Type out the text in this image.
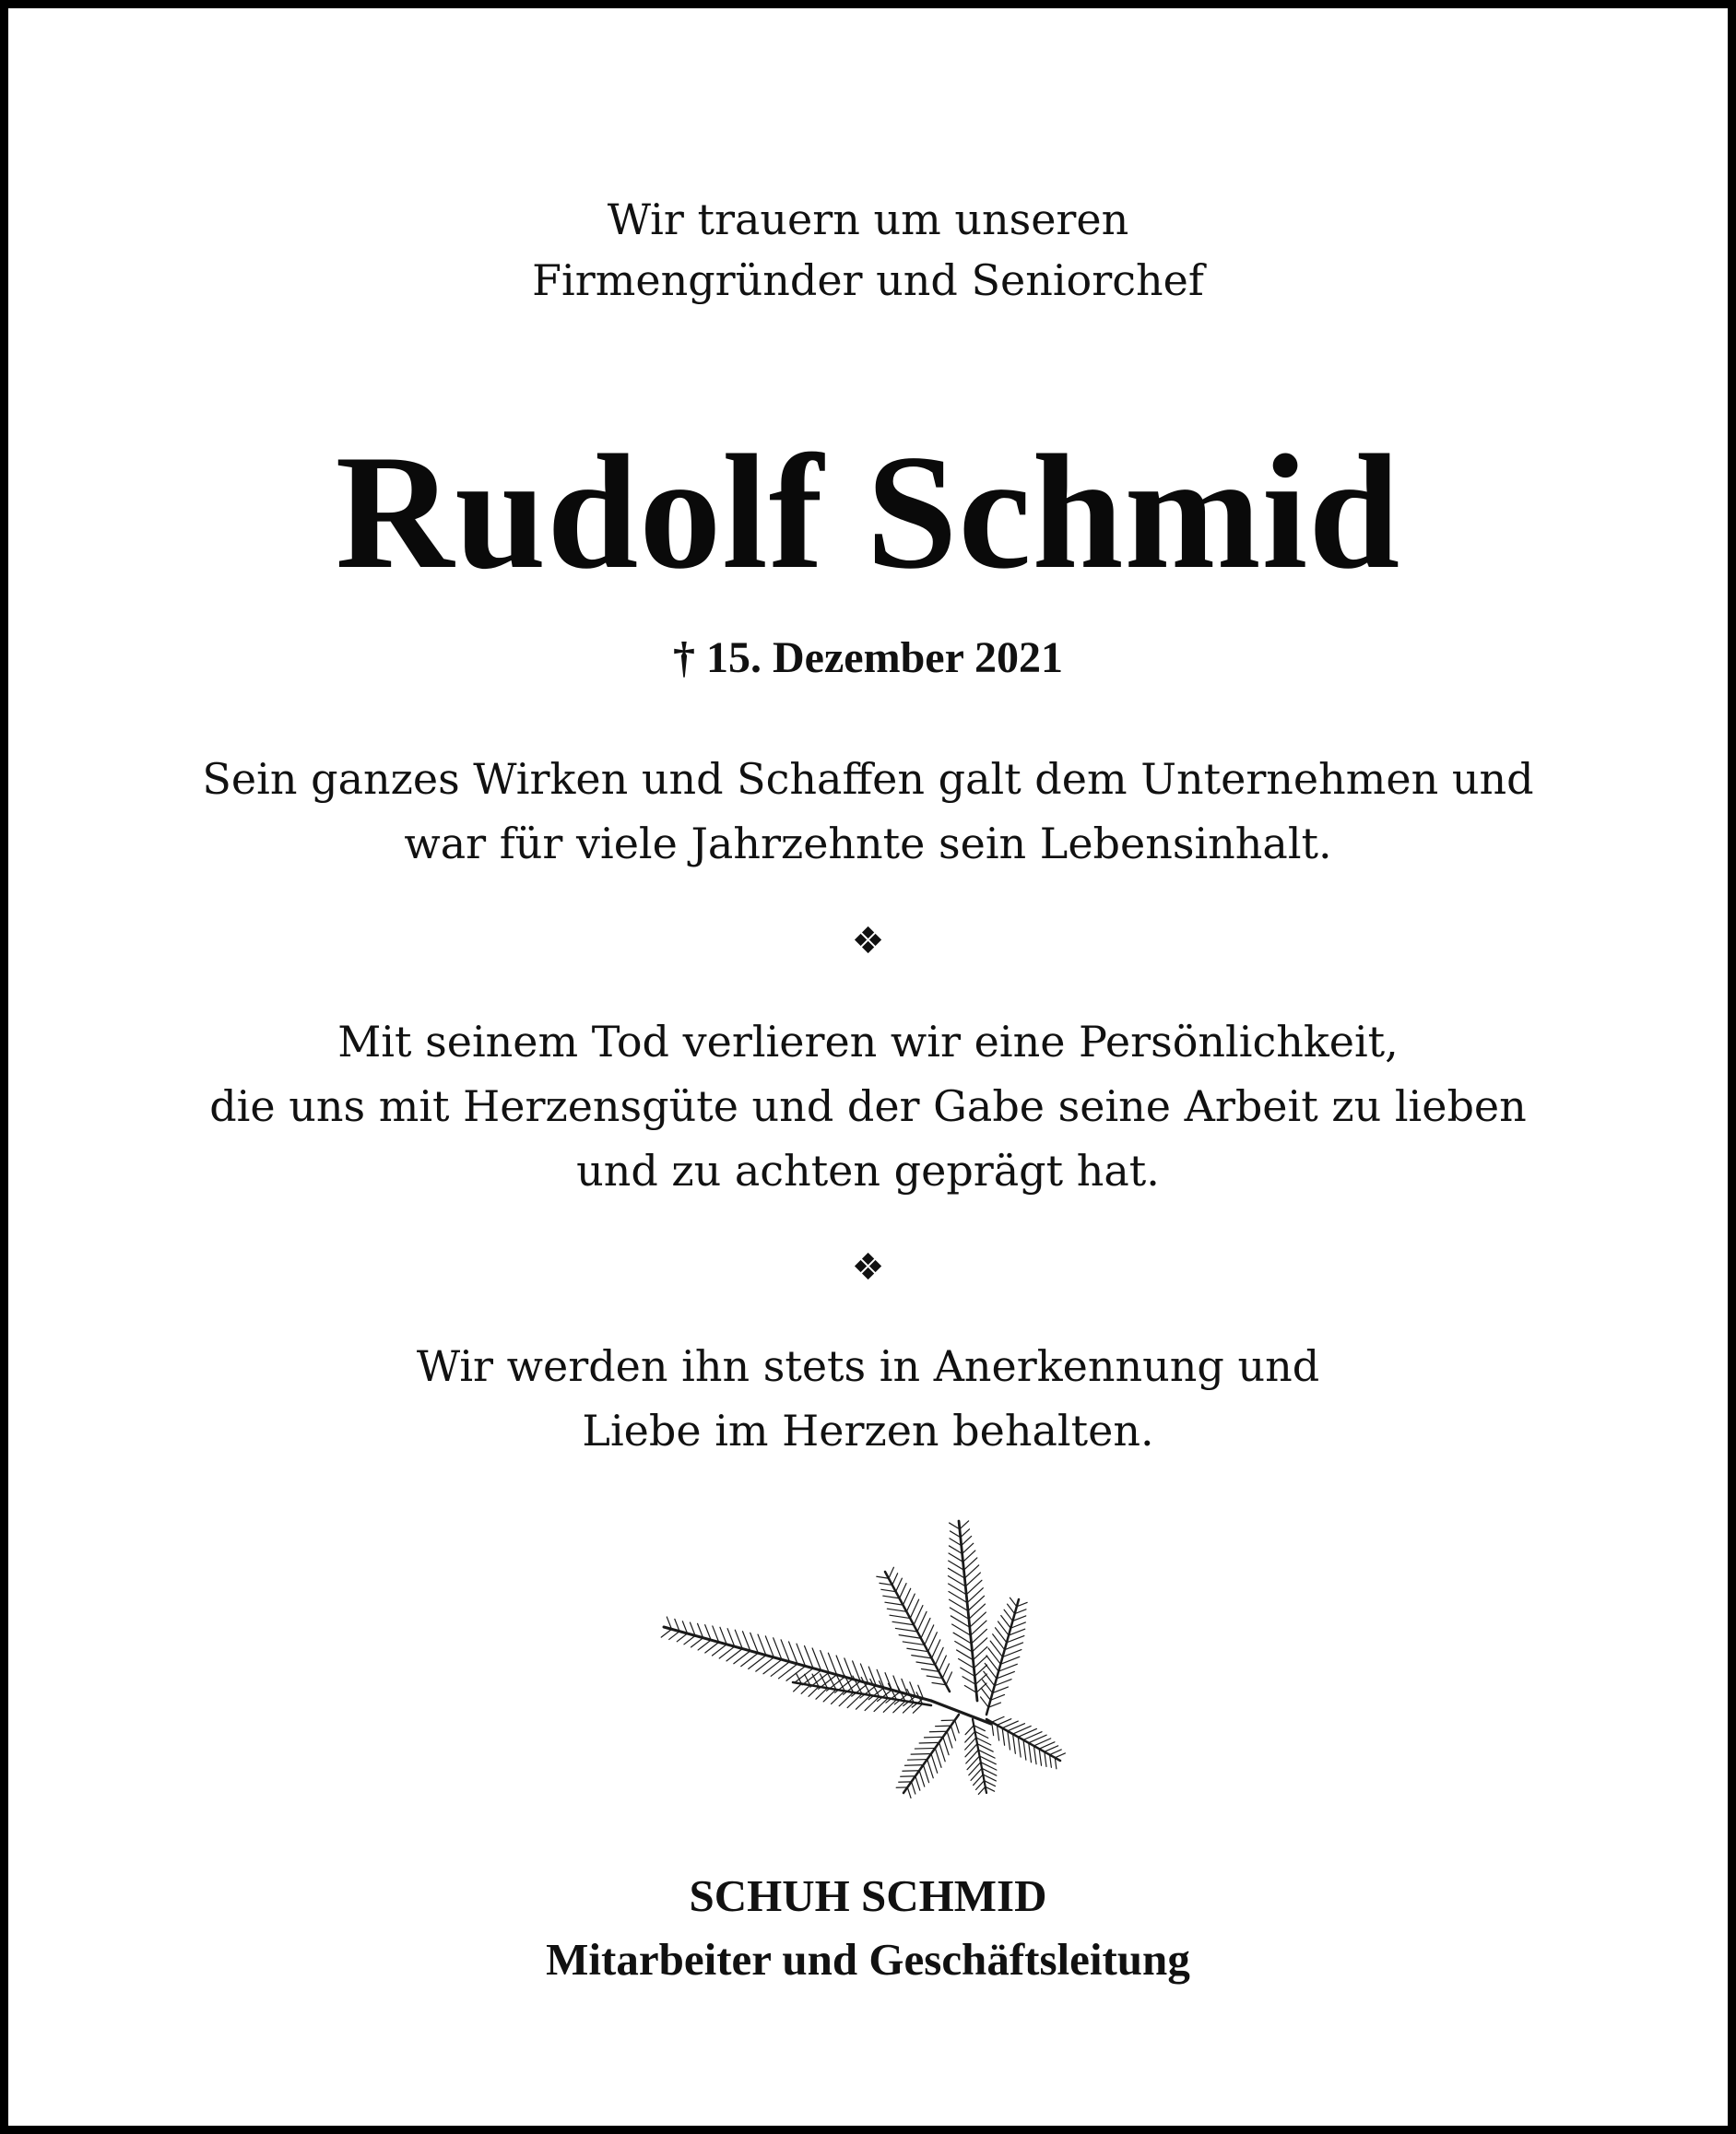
Wir trauern um unseren
Firmengründer und Seniorchef
Rudolf Schmid
† 15. Dezember 2021
Sein ganzes Wirken und Schaffen galt dem Unternehmen und
war für viele Jahrzehnte sein Lebensinhalt.
❖
Mit seinem Tod verlieren wir eine Persönlichkeit,
die uns mit Herzensgüte und der Gabe seine Arbeit zu lieben
und zu achten geprägt hat.
❖
Wir werden ihn stets in Anerkennung und
Liebe im Herzen behalten.
SCHUH SCHMID
Mitarbeiter und Geschäftsleitung
